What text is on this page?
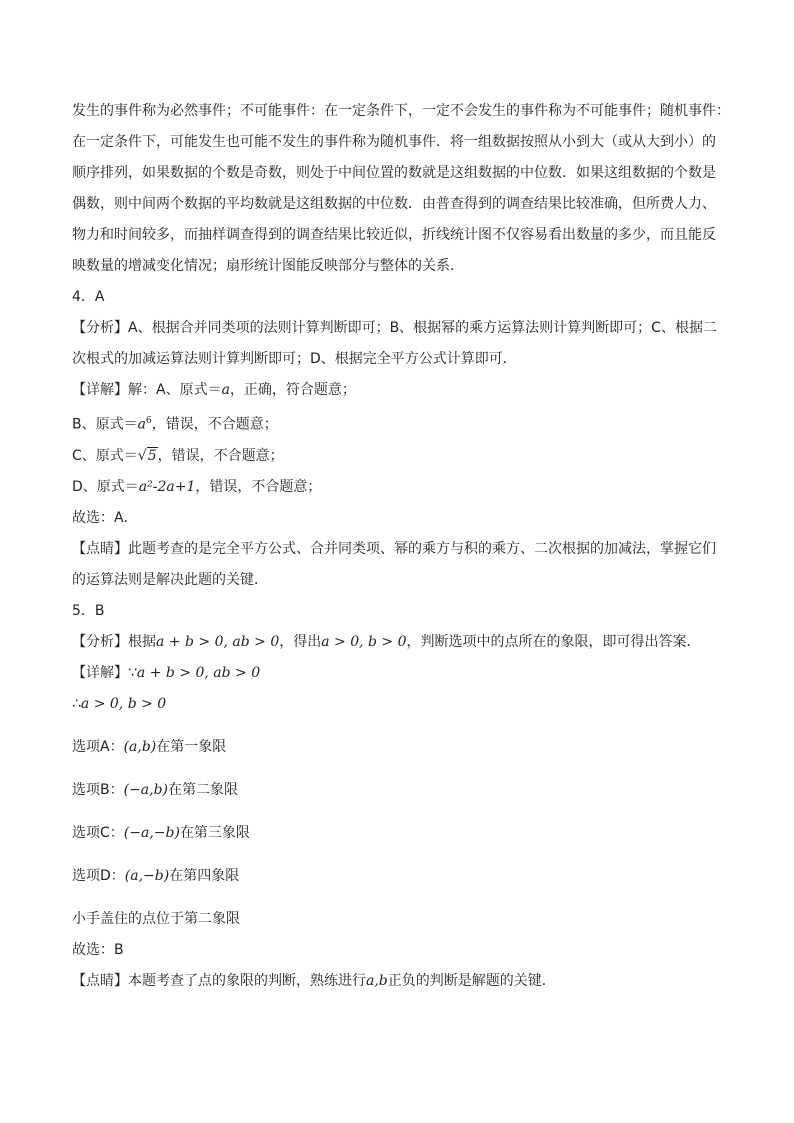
发生的事件称为必然事件；不可能事件：在一定条件下，一定不会发生的事件称为不可能事件；随机事件：

在一定条件下，可能发生也可能不发生的事件称为随机事件．将一组数据按照从小到大（或从大到小）的

顺序排列，如果数据的个数是奇数，则处于中间位置的数就是这组数据的中位数．如果这组数据的个数是

偶数，则中间两个数据的平均数就是这组数据的中位数．由普查得到的调查结果比较准确，但所费人力、

物力和时间较多，而抽样调查得到的调查结果比较近似，折线统计图不仅容易看出数量的多少，而且能反

映数量的增减变化情况；扇形统计图能反映部分与整体的关系．

4．A

【分析】A、根据合并同类项的法则计算判断即可；B、根据幂的乘方运算法则计算判断即可；C、根据二

次根式的加减运算法则计算判断即可；D、根据完全平方公式计算即可．

【详解】解：A、原式＝a，正确，符合题意；

B、原式$=a^6$，错误，不合题意；

C、原式＝√5，错误，不合题意；

D、原式＝a²-2a+1，错误，不合题意；

故选：A．

【点睛】此题考查的是完全平方公式、合并同类项、幂的乘方与积的乘方、二次根据的加减法，掌握它们

的运算法则是解决此题的关键．

5．B

【分析】根据a + b > 0, ab > 0，得出a > 0, b > 0，判断选项中的点所在的象限，即可得出答案．

【详解】∵a + b > 0, ab > 0

∴a > 0, b > 0

选项A：(a,b)在第一象限

选项B：(−a,b)在第二象限

选项C：(−a,−b)在第三象限

选项D：(a,−b)在第四象限

小手盖住的点位于第二象限

故选：B

【点睛】本题考查了点的象限的判断，熟练进行a,b正负的判断是解题的关键．
